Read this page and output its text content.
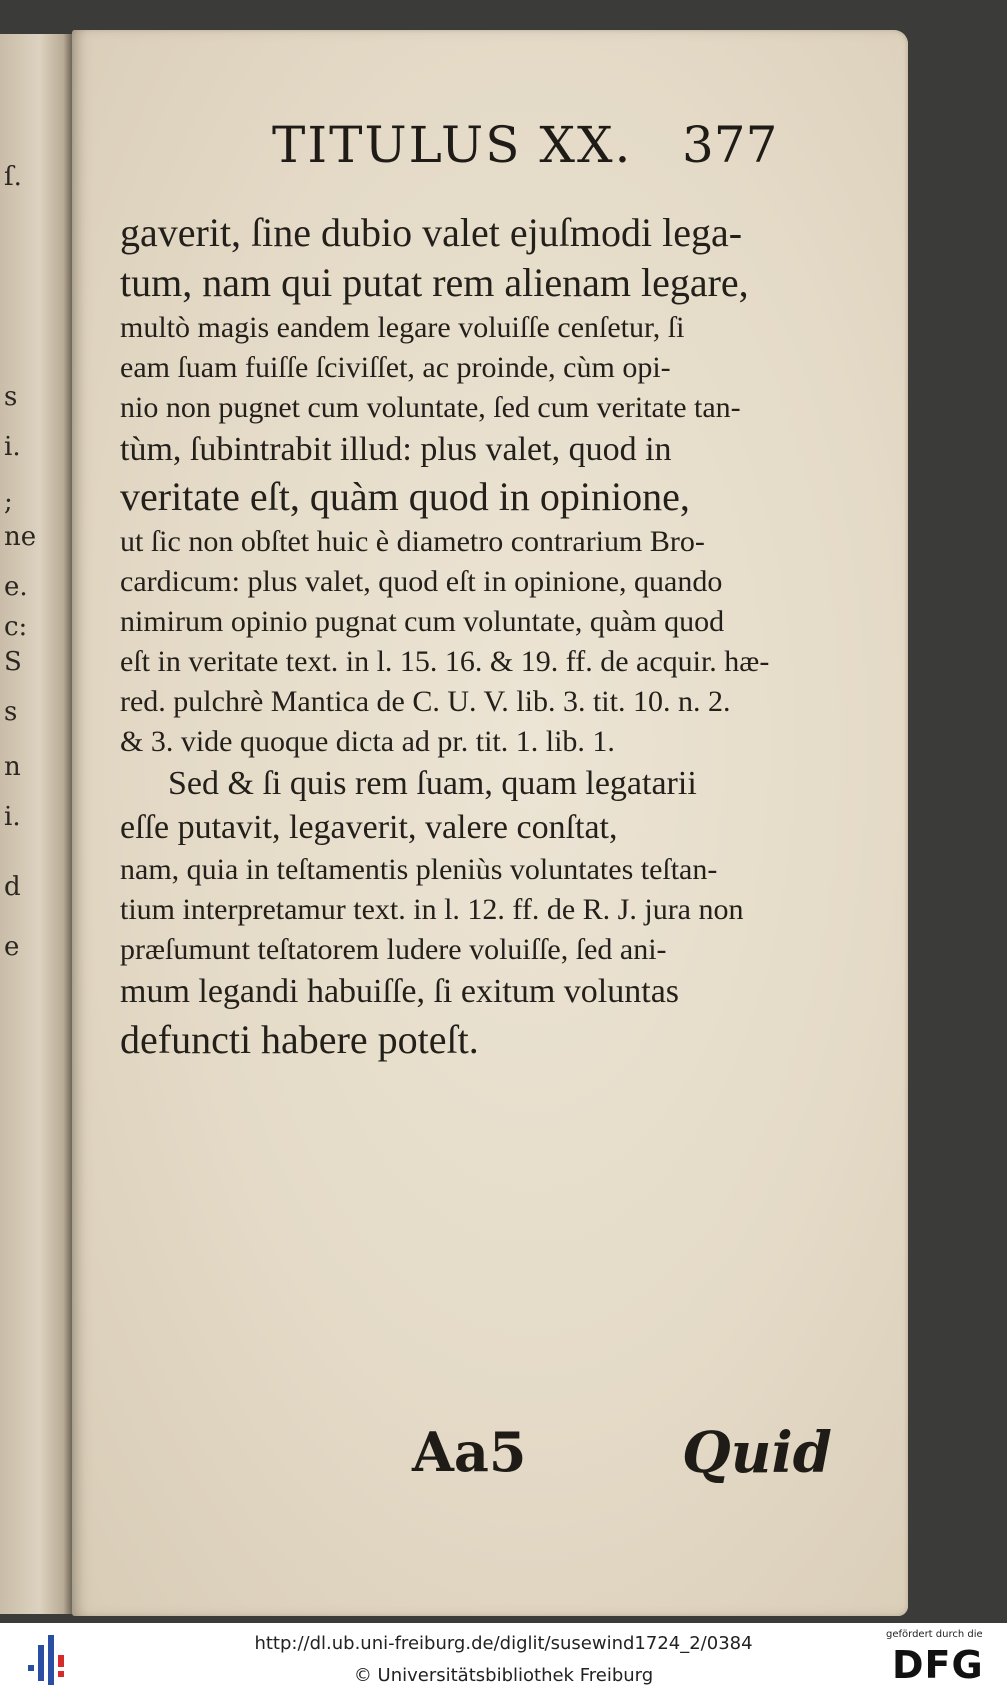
ſ.
s
i.
;
ne
e.
c:
S
s
n
i.
d
e
TITULUS XX. 377
gaverit, ſine dubio valet ejuſmodi lega-
tum, nam qui putat rem alienam legare,
multò magis eandem legare voluiſſe cenſetur, ſi
eam ſuam fuiſſe ſciviſſet, ac proinde, cùm opi-
nio non pugnet cum voluntate, ſed cum veritate tan-
tùm, ſubintrabit illud: plus valet, quod in
veritate eſt, quàm quod in opinione,
ut ſic non obſtet huic è diametro contrarium Bro-
cardicum: plus valet, quod eſt in opinione, quando
nimirum opinio pugnat cum voluntate, quàm quod
eſt in veritate text. in l. 15. 16. & 19. ff. de acquir. hæ-
red. pulchrè Mantica de C. U. V. lib. 3. tit. 10. n. 2.
& 3. vide quoque dicta ad pr. tit. 1. lib. 1.
Sed & ſi quis rem ſuam, quam legatarii
eſſe putavit, legaverit, valere conſtat,
nam, quia in teſtamentis pleniùs voluntates teſtan-
tium interpretamur text. in l. 12. ff. de R. J. jura non
præſumunt teſtatorem ludere voluiſſe, ſed ani-
mum legandi habuiſſe, ſi exitum voluntas
defuncti habere poteſt.
Aa5	Quid
http://dl.ub.uni-freiburg.de/diglit/susewind1724_2/0384
© Universitätsbibliothek Freiburg
gefördert durch die
DFG
